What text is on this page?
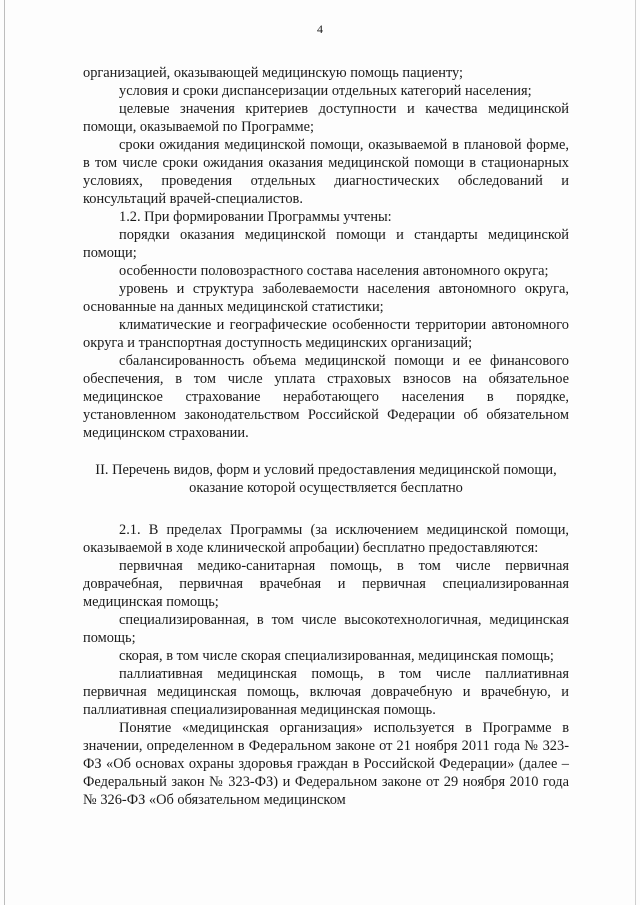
4

организацией, оказывающей медицинскую помощь пациенту;

условия и сроки диспансеризации отдельных категорий населения;

целевые значения критериев доступности и качества медицинской помощи, оказываемой по Программе;

сроки ожидания медицинской помощи, оказываемой в плановой форме, в том числе сроки ожидания оказания медицинской помощи в стационарных условиях, проведения отдельных диагностических обследований и консультаций врачей-специалистов.

1.2. При формировании Программы учтены:

порядки оказания медицинской помощи и стандарты медицинской помощи;

особенности половозрастного состава населения автономного округа;

уровень и структура заболеваемости населения автономного округа, основанные на данных медицинской статистики;

климатические и географические особенности территории автономного округа и транспортная доступность медицинских организаций;

сбалансированность объема медицинской помощи и ее финансового обеспечения, в том числе уплата страховых взносов на обязательное медицинское страхование неработающего населения в порядке, установленном законодательством Российской Федерации об обязательном медицинском страховании.

II. Перечень видов, форм и условий предоставления медицинской помощи,
оказание которой осуществляется бесплатно

2.1. В пределах Программы (за исключением медицинской помощи, оказываемой в ходе клинической апробации) бесплатно предоставляются:

первичная медико-санитарная помощь, в том числе первичная доврачебная, первичная врачебная и первичная специализированная медицинская помощь;

специализированная, в том числе высокотехнологичная, медицинская помощь;

скорая, в том числе скорая специализированная, медицинская помощь;

паллиативная медицинская помощь, в том числе паллиативная первичная медицинская помощь, включая доврачебную и врачебную, и паллиативная специализированная медицинская помощь.

Понятие «медицинская организация» используется в Программе в значении, определенном в Федеральном законе от 21 ноября 2011 года № 323-ФЗ «Об основах охраны здоровья граждан в Российской Федерации» (далее – Федеральный закон № 323-ФЗ) и Федеральном законе от 29 ноября 2010 года № 326-ФЗ «Об обязательном медицинском
